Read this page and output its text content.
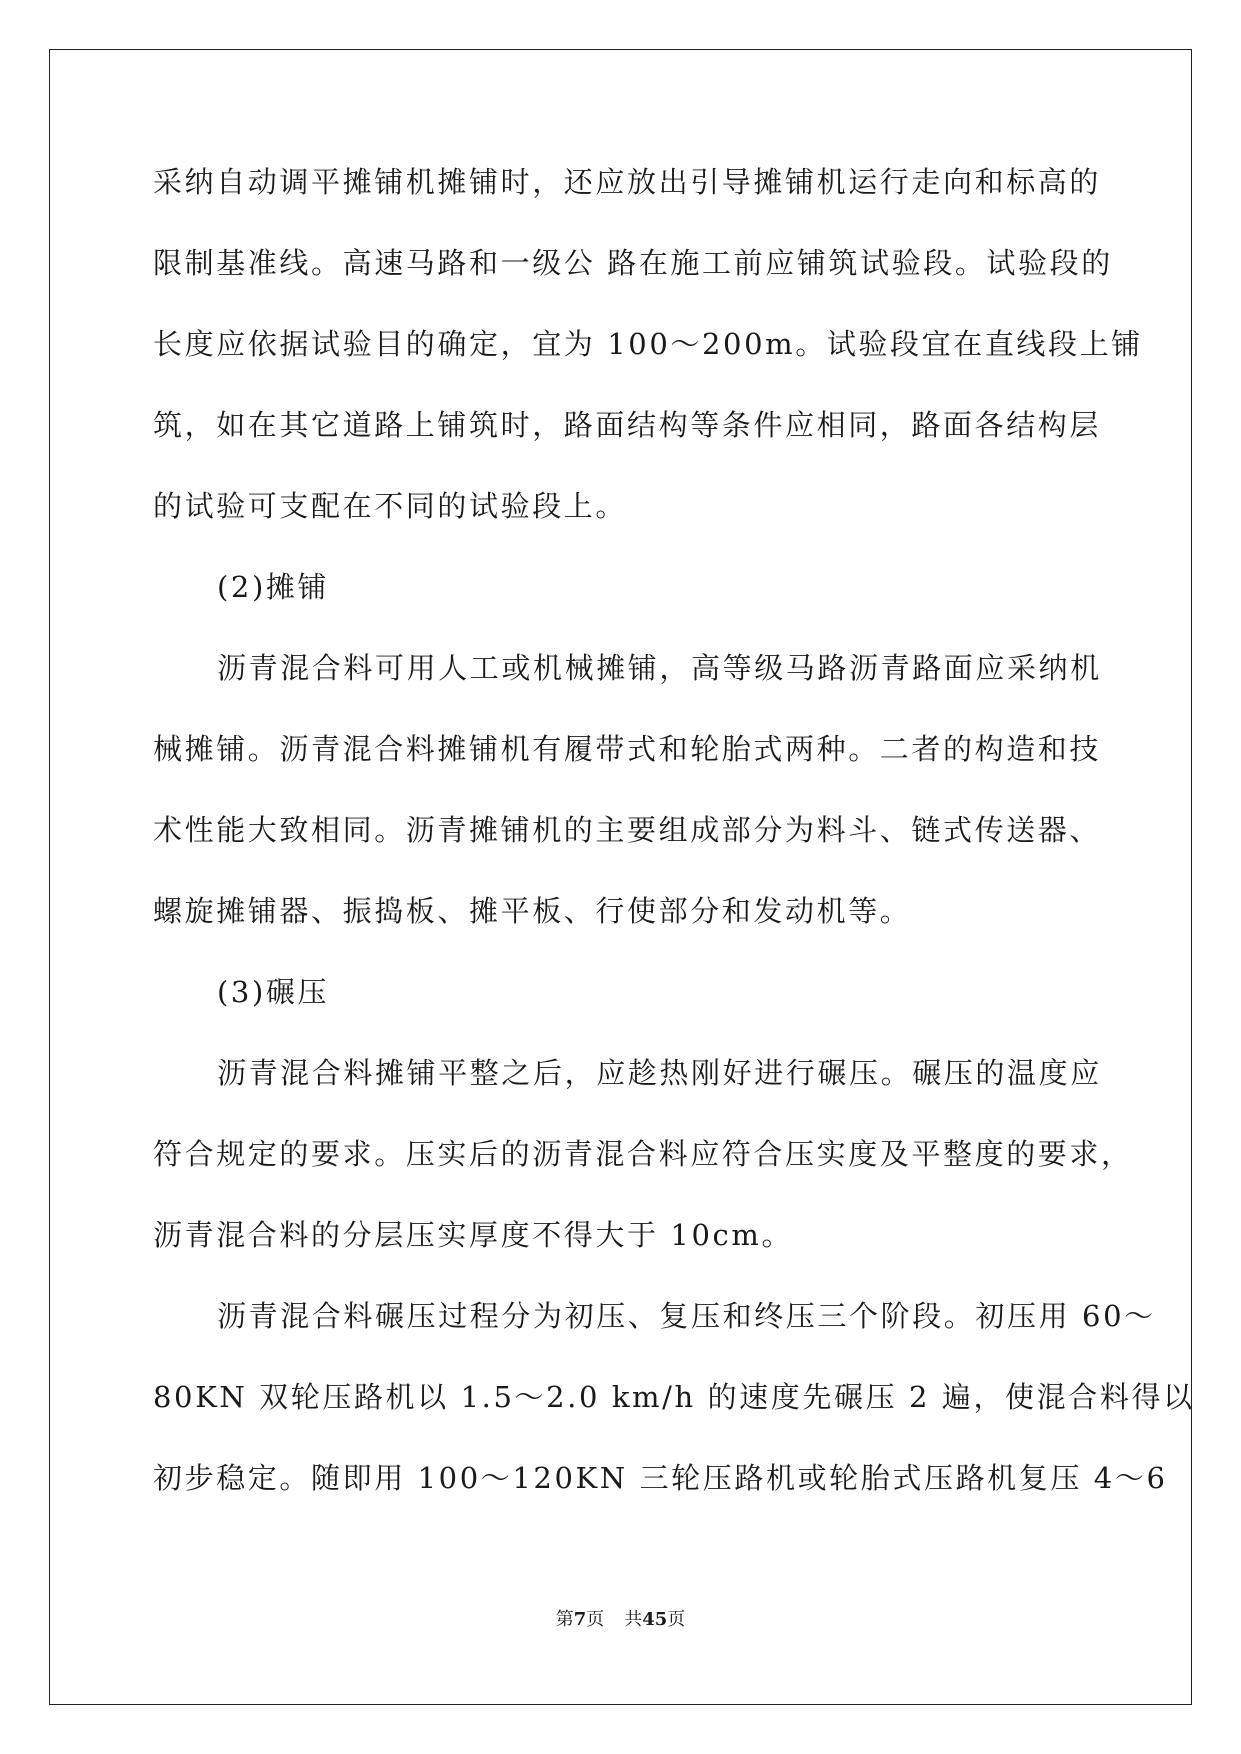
采纳自动调平摊铺机摊铺时，还应放出引导摊铺机运行走向和标高的
限制基准线。高速马路和一级公 路在施工前应铺筑试验段。试验段的
长度应依据试验目的确定，宜为 100～200m。试验段宜在直线段上铺
筑，如在其它道路上铺筑时，路面结构等条件应相同，路面各结构层
的试验可支配在不同的试验段上。
(2)摊铺
沥青混合料可用人工或机械摊铺，高等级马路沥青路面应采纳机
械摊铺。沥青混合料摊铺机有履带式和轮胎式两种。二者的构造和技
术性能大致相同。沥青摊铺机的主要组成部分为料斗、链式传送器、
螺旋摊铺器、振捣板、摊平板、行使部分和发动机等。
(3)碾压
沥青混合料摊铺平整之后，应趁热刚好进行碾压。碾压的温度应
符合规定的要求。压实后的沥青混合料应符合压实度及平整度的要求，
沥青混合料的分层压实厚度不得大于 10cm。
沥青混合料碾压过程分为初压、复压和终压三个阶段。初压用 60～
80KN 双轮压路机以 1.5～2.0 km/h 的速度先碾压 2 遍，使混合料得以
初步稳定。随即用 100～120KN 三轮压路机或轮胎式压路机复压 4～6
第7页 共45页
